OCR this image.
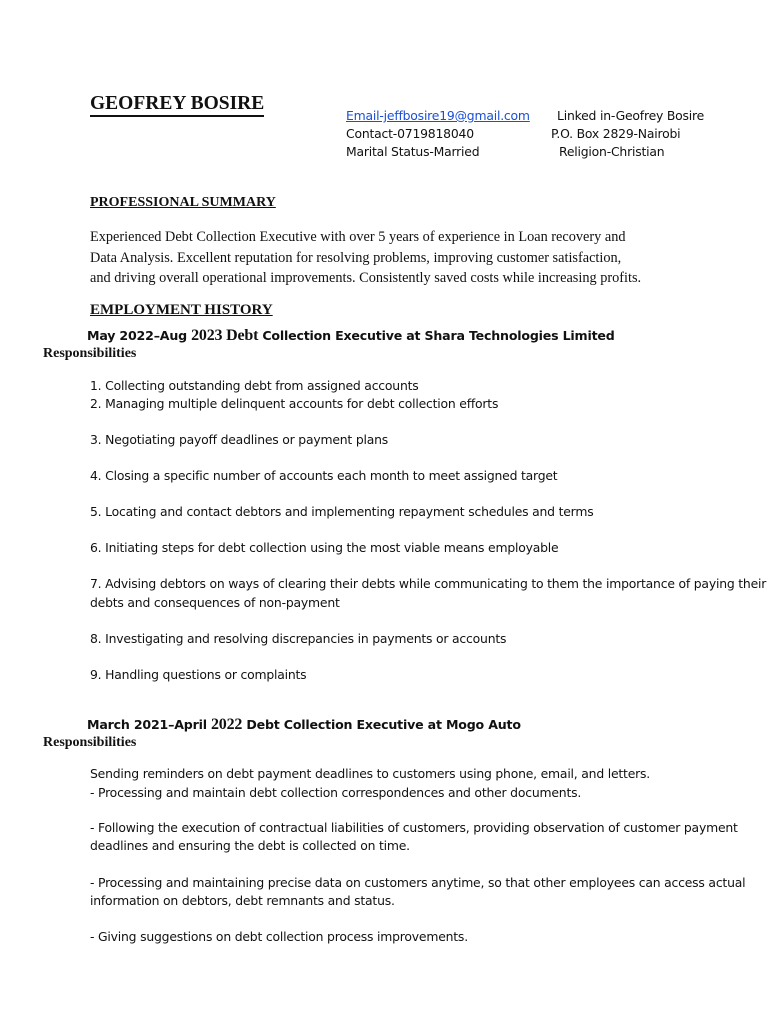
GEOFREY BOSIRE
Email-jeffbosire19@gmail.com
Contact-0719818040
Marital Status-Married
Linked in-Geofrey Bosire
P.O. Box 2829-Nairobi
Religion-Christian
PROFESSIONAL SUMMARY
Experienced Debt Collection Executive with over 5 years of experience in Loan recovery and
Data Analysis. Excellent reputation for resolving problems, improving customer satisfaction,
and driving overall operational improvements. Consistently saved costs while increasing profits.
EMPLOYMENT HISTORY
May 2022–Aug 2023 Debt Collection Executive at Shara Technologies Limited
Responsibilities
1. Collecting outstanding debt from assigned accounts
2. Managing multiple delinquent accounts for debt collection efforts
3. Negotiating payoff deadlines or payment plans
4. Closing a specific number of accounts each month to meet assigned target
5. Locating and contact debtors and implementing repayment schedules and terms
6. Initiating steps for debt collection using the most viable means employable
7. Advising debtors on ways of clearing their debts while communicating to them the importance of paying their
debts and consequences of non-payment
8. Investigating and resolving discrepancies in payments or accounts
9. Handling questions or complaints
March 2021–April 2022 Debt Collection Executive at Mogo Auto
Responsibilities
Sending reminders on debt payment deadlines to customers using phone, email, and letters.
- Processing and maintain debt collection correspondences and other documents.
- Following the execution of contractual liabilities of customers, providing observation of customer payment
deadlines and ensuring the debt is collected on time.
- Processing and maintaining precise data on customers anytime, so that other employees can access actual
information on debtors, debt remnants and status.
- Giving suggestions on debt collection process improvements.
